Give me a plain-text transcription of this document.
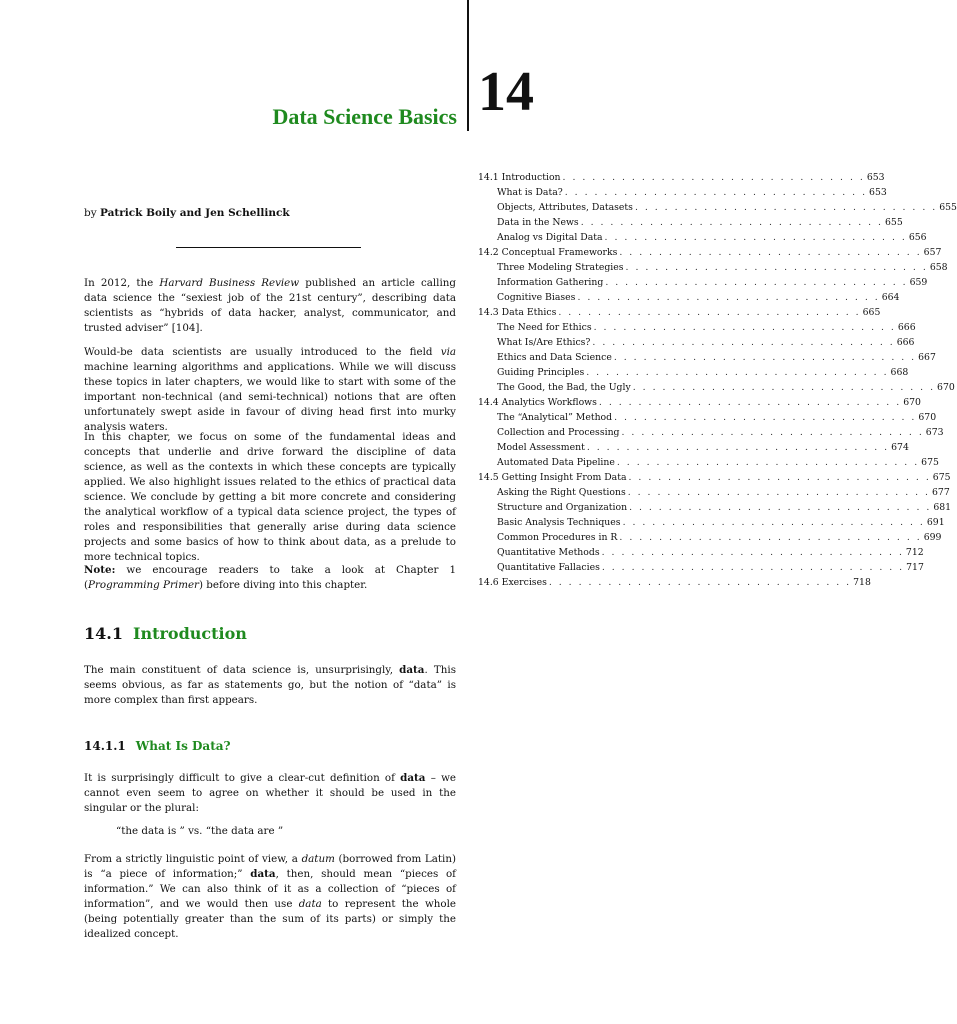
Data Science Basics 14

by Patrick Boily and Jen Schellinck

In 2012, the Harvard Business Review published an article calling data science the “sexiest job of the 21st century”, describing data scientists as “hybrids of data hacker, analyst, communicator, and trusted adviser” [104].

Would-be data scientists are usually introduced to the field via machine learning algorithms and applications. While we will discuss these topics in later chapters, we would like to start with some of the important non-technical (and semi-technical) notions that are often unfortunately swept aside in favour of diving head first into murky analysis waters.

In this chapter, we focus on some of the fundamental ideas and concepts that underlie and drive forward the discipline of data science, as well as the contexts in which these concepts are typically applied. We also highlight issues related to the ethics of practical data science. We conclude by getting a bit more concrete and considering the analytical workflow of a typical data science project, the types of roles and responsibilities that generally arise during data science projects and some basics of how to think about data, as a prelude to more technical topics.

Note: we encourage readers to take a look at Chapter 1 (Programming Primer) before diving into this chapter.

14.1 Introduction

The main constituent of data science is, unsurprisingly, data. This seems obvious, as far as statements go, but the notion of “data” is more complex than first appears.

14.1.1 What Is Data?

It is surprisingly difficult to give a clear-cut definition of data – we cannot even seem to agree on whether it should be used in the singular or the plural:

“the data is ” vs. “the data are ”

From a strictly linguistic point of view, a datum (borrowed from Latin) is “a piece of information;” data, then, should mean “pieces of information.” We can also think of it as a collection of “pieces of information”, and we would then use data to represent the whole (being potentially greater than the sum of its parts) or simply the idealized concept.

14.1 Introduction . . .	653
What is Data? . . .	653
Objects, Attributes, Datasets . . .	655
Data in the News . . .	655
Analog vs Digital Data . . .	656
14.2 Conceptual Frameworks . . .	657
Three Modeling Strategies . . .	658
Information Gathering . . .	659
Cognitive Biases . . .	664
14.3 Data Ethics . . .	665
The Need for Ethics . . .	666
What Is/Are Ethics? . . .	666
Ethics and Data Science . . .	667
Guiding Principles . . .	668
The Good, the Bad, the Ugly . . .	670
14.4 Analytics Workflows . . .	670
The “Analytical” Method . . .	670
Collection and Processing . . .	673
Model Assessment . . .	674
Automated Data Pipeline . . .	675
14.5 Getting Insight From Data . . .	675
Asking the Right Questions . . .	677
Structure and Organization . . .	681
Basic Analysis Techniques . . .	691
Common Procedures in R . . .	699
Quantitative Methods . . .	712
Quantitative Fallacies . . .	717
14.6 Exercises . . .	718
